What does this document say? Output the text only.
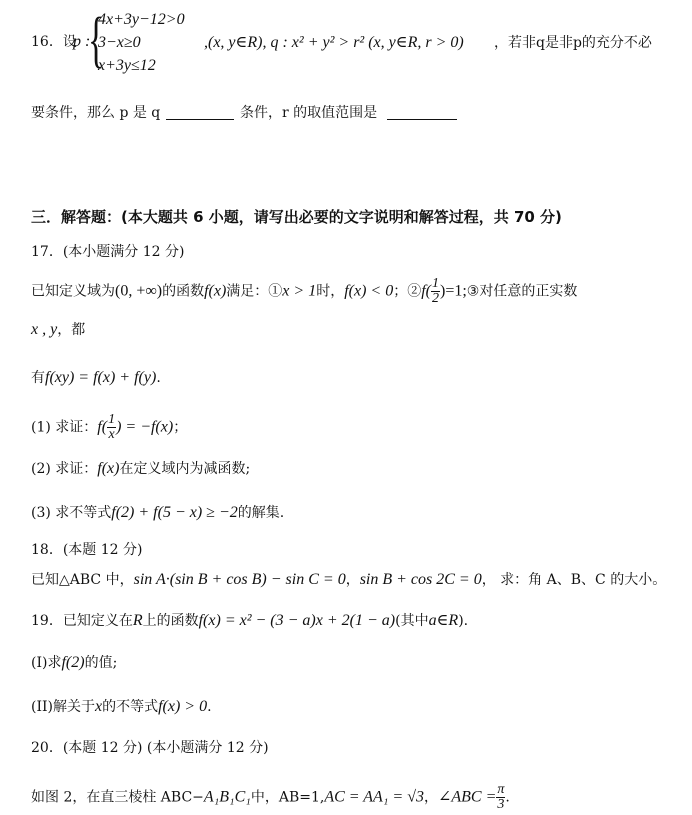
16．设
p :
{
4x+3y−12>0
3−x≥0
x+3y≤12
,(x, y∈R), q : x² + y² > r² (x, y∈R, r > 0) ，若非q是非p的充分不必
要条件，那么 p 是 q	条件，r 的取值范围是
三．解答题：(本大题共 6 小题，请写出必要的文字说明和解答过程，共 70 分)
17．(本小题满分 12 分)
已知定义域为(0, +∞)的函数f(x)满足：①x > 1时，f(x) < 0；②f( $\frac{1}{2}$ )=1;③对任意的正实数
x , y，都
有f(xy) = f(x) + f(y).
(1) 求证：$f( \frac{1}{x}$ ) = −f(x)；
(2) 求证：f(x)在定义域内为减函数;
(3) 求不等式f(2) + f(5 − x) ≥ −2的解集.
18．(本题 12 分)
已知△ABC 中，sin A·(sin B + cos B) − sin C = 0，sin B + cos 2C = 0， 求：角 A、B、C 的大小。
19．已知定义在R上的函数f(x) = x² − (3 − a)x + 2(1 − a)(其中a∈R).
(I)求f(2)的值;
(II)解关于x的不等式f(x) > 0.
20．(本题 12 分) (本小题满分 12 分)
如图 2，在直三棱柱 ABC−A₁B₁C₁中，AB=1,AC = AA₁ = √3，∠ABC = $\frac{\pi}{3}$ .
